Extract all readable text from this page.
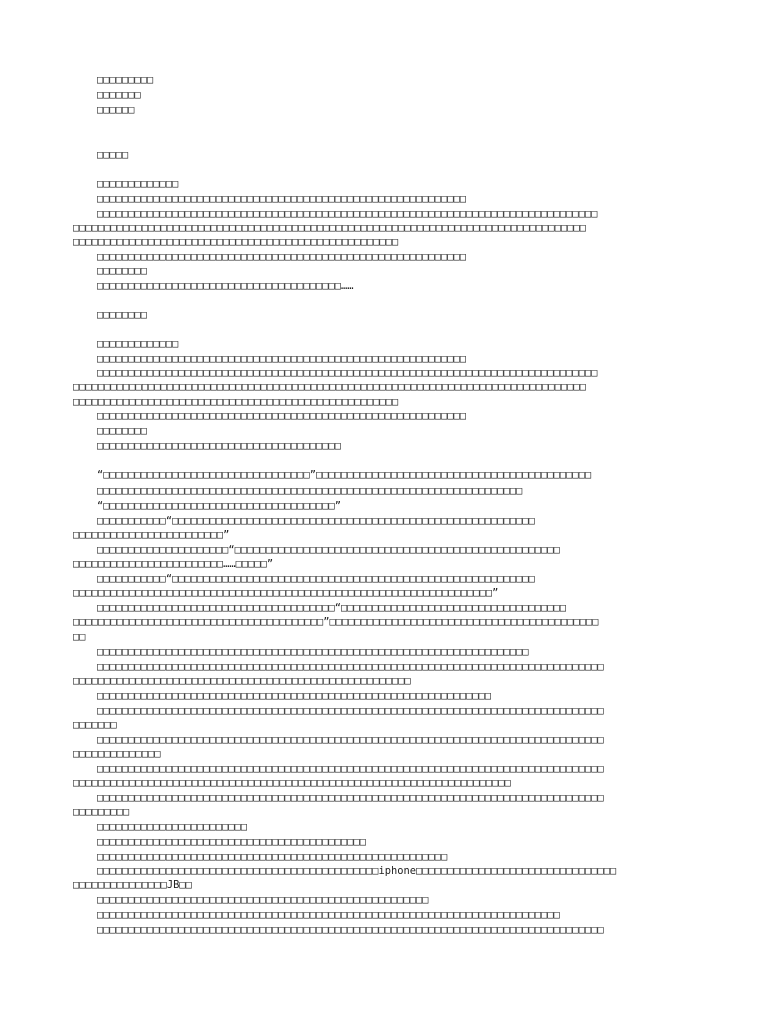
□□□□□□□□□
□□□□□□□
□□□□□□
□□□□□
□□□□□□□□□□□□□
□□□□□□□□□□□□□□□□□□□□□□□□□□□□□□□□□□□□□□□□□□□□□□□□□□□□□□□□□□□
□□□□□□□□□□□□□□□□□□□□□□□□□□□□□□□□□□□□□□□□□□□□□□□□□□□□□□□□□□□□□□□□□□□□□□□□□□□□□□□□
□□□□□□□□□□□□□□□□□□□□□□□□□□□□□□□□□□□□□□□□□□□□□□□□□□□□□□□□□□□□□□□□□□□□□□□□□□□□□□□□□□
□□□□□□□□□□□□□□□□□□□□□□□□□□□□□□□□□□□□□□□□□□□□□□□□□□□□
□□□□□□□□□□□□□□□□□□□□□□□□□□□□□□□□□□□□□□□□□□□□□□□□□□□□□□□□□□□
□□□□□□□□
□□□□□□□□□□□□□□□□□□□□□□□□□□□□□□□□□□□□□□□……
□□□□□□□□
□□□□□□□□□□□□□
□□□□□□□□□□□□□□□□□□□□□□□□□□□□□□□□□□□□□□□□□□□□□□□□□□□□□□□□□□□
□□□□□□□□□□□□□□□□□□□□□□□□□□□□□□□□□□□□□□□□□□□□□□□□□□□□□□□□□□□□□□□□□□□□□□□□□□□□□□□□
□□□□□□□□□□□□□□□□□□□□□□□□□□□□□□□□□□□□□□□□□□□□□□□□□□□□□□□□□□□□□□□□□□□□□□□□□□□□□□□□□□
□□□□□□□□□□□□□□□□□□□□□□□□□□□□□□□□□□□□□□□□□□□□□□□□□□□□
□□□□□□□□□□□□□□□□□□□□□□□□□□□□□□□□□□□□□□□□□□□□□□□□□□□□□□□□□□□
□□□□□□□□
□□□□□□□□□□□□□□□□□□□□□□□□□□□□□□□□□□□□□□□
“□□□□□□□□□□□□□□□□□□□□□□□□□□□□□□□□□”□□□□□□□□□□□□□□□□□□□□□□□□□□□□□□□□□□□□□□□□□□□□
□□□□□□□□□□□□□□□□□□□□□□□□□□□□□□□□□□□□□□□□□□□□□□□□□□□□□□□□□□□□□□□□□□□□
“□□□□□□□□□□□□□□□□□□□□□□□□□□□□□□□□□□□□□”
□□□□□□□□□□□“□□□□□□□□□□□□□□□□□□□□□□□□□□□□□□□□□□□□□□□□□□□□□□□□□□□□□□□□□□
□□□□□□□□□□□□□□□□□□□□□□□□”
□□□□□□□□□□□□□□□□□□□□□“□□□□□□□□□□□□□□□□□□□□□□□□□□□□□□□□□□□□□□□□□□□□□□□□□□□□
□□□□□□□□□□□□□□□□□□□□□□□□……□□□□□”
□□□□□□□□□□□“□□□□□□□□□□□□□□□□□□□□□□□□□□□□□□□□□□□□□□□□□□□□□□□□□□□□□□□□□□
□□□□□□□□□□□□□□□□□□□□□□□□□□□□□□□□□□□□□□□□□□□□□□□□□□□□□□□□□□□□□□□□□□□”
□□□□□□□□□□□□□□□□□□□□□□□□□□□□□□□□□□□□□□“□□□□□□□□□□□□□□□□□□□□□□□□□□□□□□□□□□□□
□□□□□□□□□□□□□□□□□□□□□□□□□□□□□□□□□□□□□□□□”□□□□□□□□□□□□□□□□□□□□□□□□□□□□□□□□□□□□□□□□□□□
□□
□□□□□□□□□□□□□□□□□□□□□□□□□□□□□□□□□□□□□□□□□□□□□□□□□□□□□□□□□□□□□□□□□□□□□
□□□□□□□□□□□□□□□□□□□□□□□□□□□□□□□□□□□□□□□□□□□□□□□□□□□□□□□□□□□□□□□□□□□□□□□□□□□□□□□□□
□□□□□□□□□□□□□□□□□□□□□□□□□□□□□□□□□□□□□□□□□□□□□□□□□□□□□□
□□□□□□□□□□□□□□□□□□□□□□□□□□□□□□□□□□□□□□□□□□□□□□□□□□□□□□□□□□□□□□□
□□□□□□□□□□□□□□□□□□□□□□□□□□□□□□□□□□□□□□□□□□□□□□□□□□□□□□□□□□□□□□□□□□□□□□□□□□□□□□□□□
□□□□□□□
□□□□□□□□□□□□□□□□□□□□□□□□□□□□□□□□□□□□□□□□□□□□□□□□□□□□□□□□□□□□□□□□□□□□□□□□□□□□□□□□□
□□□□□□□□□□□□□□
□□□□□□□□□□□□□□□□□□□□□□□□□□□□□□□□□□□□□□□□□□□□□□□□□□□□□□□□□□□□□□□□□□□□□□□□□□□□□□□□□
□□□□□□□□□□□□□□□□□□□□□□□□□□□□□□□□□□□□□□□□□□□□□□□□□□□□□□□□□□□□□□□□□□□□□□
□□□□□□□□□□□□□□□□□□□□□□□□□□□□□□□□□□□□□□□□□□□□□□□□□□□□□□□□□□□□□□□□□□□□□□□□□□□□□□□□□
□□□□□□□□□
□□□□□□□□□□□□□□□□□□□□□□□□
□□□□□□□□□□□□□□□□□□□□□□□□□□□□□□□□□□□□□□□□□□□
□□□□□□□□□□□□□□□□□□□□□□□□□□□□□□□□□□□□□□□□□□□□□□□□□□□□□□□□
□□□□□□□□□□□□□□□□□□□□□□□□□□□□□□□□□□□□□□□□□□□□□iphone□□□□□□□□□□□□□□□□□□□□□□□□□□□□□□□□
□□□□□□□□□□□□□□□JB□□
□□□□□□□□□□□□□□□□□□□□□□□□□□□□□□□□□□□□□□□□□□□□□□□□□□□□□
□□□□□□□□□□□□□□□□□□□□□□□□□□□□□□□□□□□□□□□□□□□□□□□□□□□□□□□□□□□□□□□□□□□□□□□□□□
□□□□□□□□□□□□□□□□□□□□□□□□□□□□□□□□□□□□□□□□□□□□□□□□□□□□□□□□□□□□□□□□□□□□□□□□□□□□□□□□□
